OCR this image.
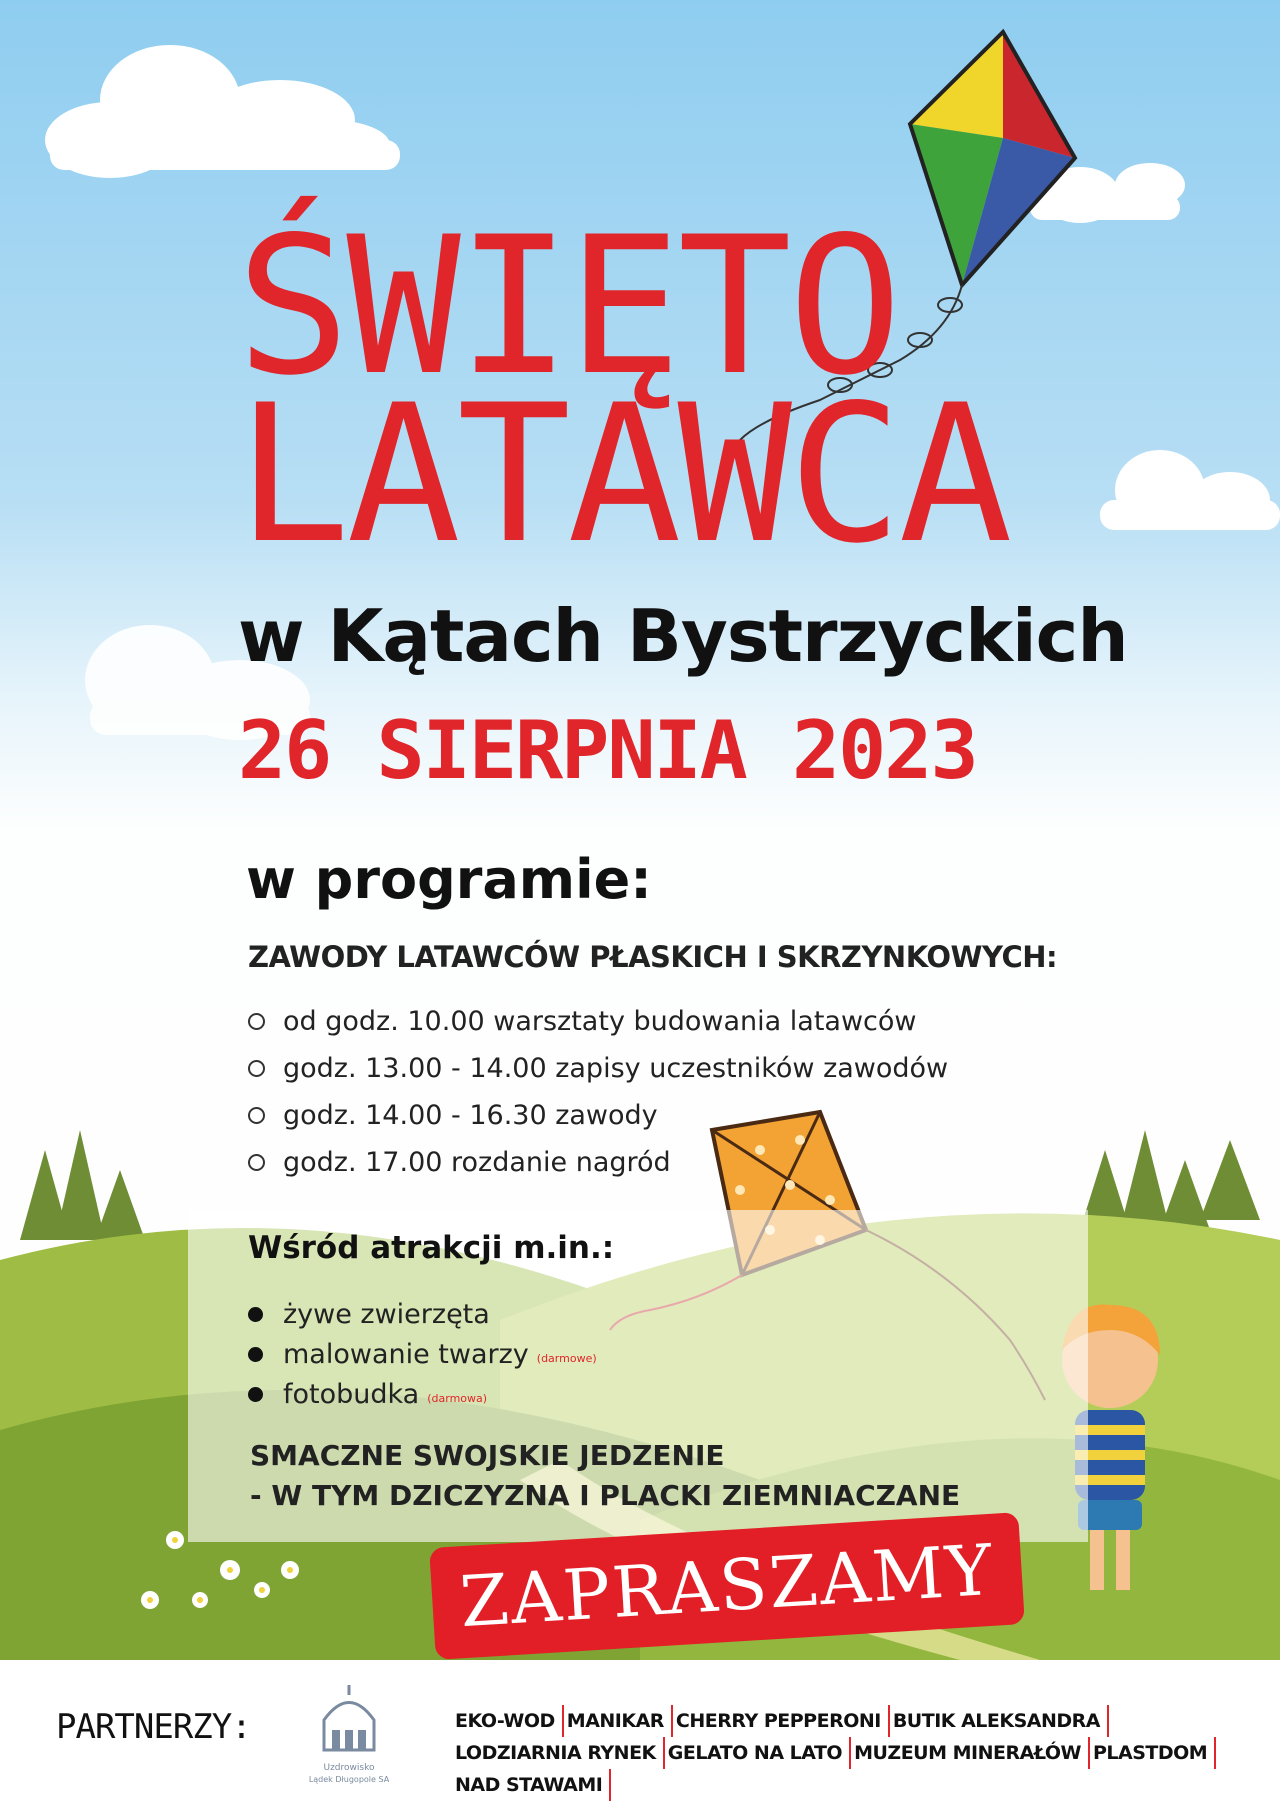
ŚWIĘTO
LATAWCA
w Kątach Bystrzyckich
26 SIERPNIA 2023
w programie:

ZAWODY LATAWCÓW PŁASKICH I SKRZYNKOWYCH:

od godz. 10.00 warsztaty budowania latawców
godz. 13.00 - 14.00 zapisy uczestników zawodów
godz. 14.00 - 16.30 zawody
godz. 17.00 rozdanie nagród
Wśród atrakcji m.in.:
żywe zwierzęta
malowanie twarzy (darmowe)
fotobudka (darmowa)
SMACZNE SWOJSKIE JEDZENIE
- W TYM DZICZYZNA I PLACKI ZIEMNIACZANE
ZAPRASZAMY

PARTNERZY:

Uzdrowisko
Lądek Długopole SA
EKO-WOD MANIKAR CHERRY PEPPERONI BUTIK ALEKSANDRALODZIARNIA RYNEK GELATO NA LATO MUZEUM MINERAŁÓW PLASTDOMNAD STAWAMI
